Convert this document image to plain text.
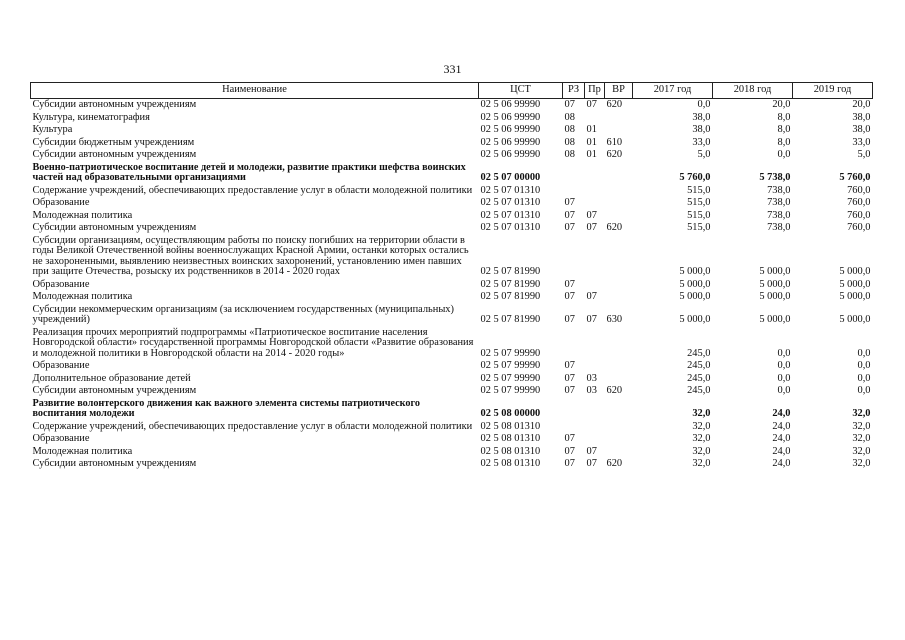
331
Наименование	ЦСТ	РЗ	Пр	ВР	2017 год	2018 год	2019 год
Субсидии автономным учреждениям	02 5 06 99990	07	07	620	0,0	20,0	20,0
Культура, кинематография	02 5 06 99990	08			38,0	8,0	38,0
Культура	02 5 06 99990	08	01		38,0	8,0	38,0
Субсидии бюджетным учреждениям	02 5 06 99990	08	01	610	33,0	8,0	33,0
Субсидии автономным учреждениям	02 5 06 99990	08	01	620	5,0	0,0	5,0
Военно-патриотическое воспитание детей и молодежи, развитие практики шефства воинских частей над образовательными организациями	02 5 07 00000				5 760,0	5 738,0	5 760,0
Содержание учреждений, обеспечивающих предоставление услуг в области молодежной политики	02 5 07 01310				515,0	738,0	760,0
Образование	02 5 07 01310	07			515,0	738,0	760,0
Молодежная политика	02 5 07 01310	07	07		515,0	738,0	760,0
Субсидии автономным учреждениям	02 5 07 01310	07	07	620	515,0	738,0	760,0
Субсидии организациям, осуществляющим работы по поиску погибших на территории области в годы Великой Отечественной войны военнослужащих Красной Армии, останки которых остались не захороненными, выявлению неизвестных воинских захоронений, установлению имен павших при защите Отечества, розыску их родственников в 2014 - 2020 годах	02 5 07 81990				5 000,0	5 000,0	5 000,0
Образование	02 5 07 81990	07			5 000,0	5 000,0	5 000,0
Молодежная политика	02 5 07 81990	07	07		5 000,0	5 000,0	5 000,0
Субсидии некоммерческим организациям (за исключением государственных (муниципальных) учреждений)	02 5 07 81990	07	07	630	5 000,0	5 000,0	5 000,0
Реализация прочих мероприятий подпрограммы «Патриотическое воспитание населения Новгородской области» государственной программы Новгородской области «Развитие образования и молодежной политики в Новгородской области на 2014 - 2020 годы»	02 5 07 99990				245,0	0,0	0,0
Образование	02 5 07 99990	07			245,0	0,0	0,0
Дополнительное образование детей	02 5 07 99990	07	03		245,0	0,0	0,0
Субсидии автономным учреждениям	02 5 07 99990	07	03	620	245,0	0,0	0,0
Развитие волонтерского движения как важного элемента системы патриотического воспитания молодежи	02 5 08 00000				32,0	24,0	32,0
Содержание учреждений, обеспечивающих предоставление услуг в области молодежной политики	02 5 08 01310				32,0	24,0	32,0
Образование	02 5 08 01310	07			32,0	24,0	32,0
Молодежная политика	02 5 08 01310	07	07		32,0	24,0	32,0
Субсидии автономным учреждениям	02 5 08 01310	07	07	620	32,0	24,0	32,0
